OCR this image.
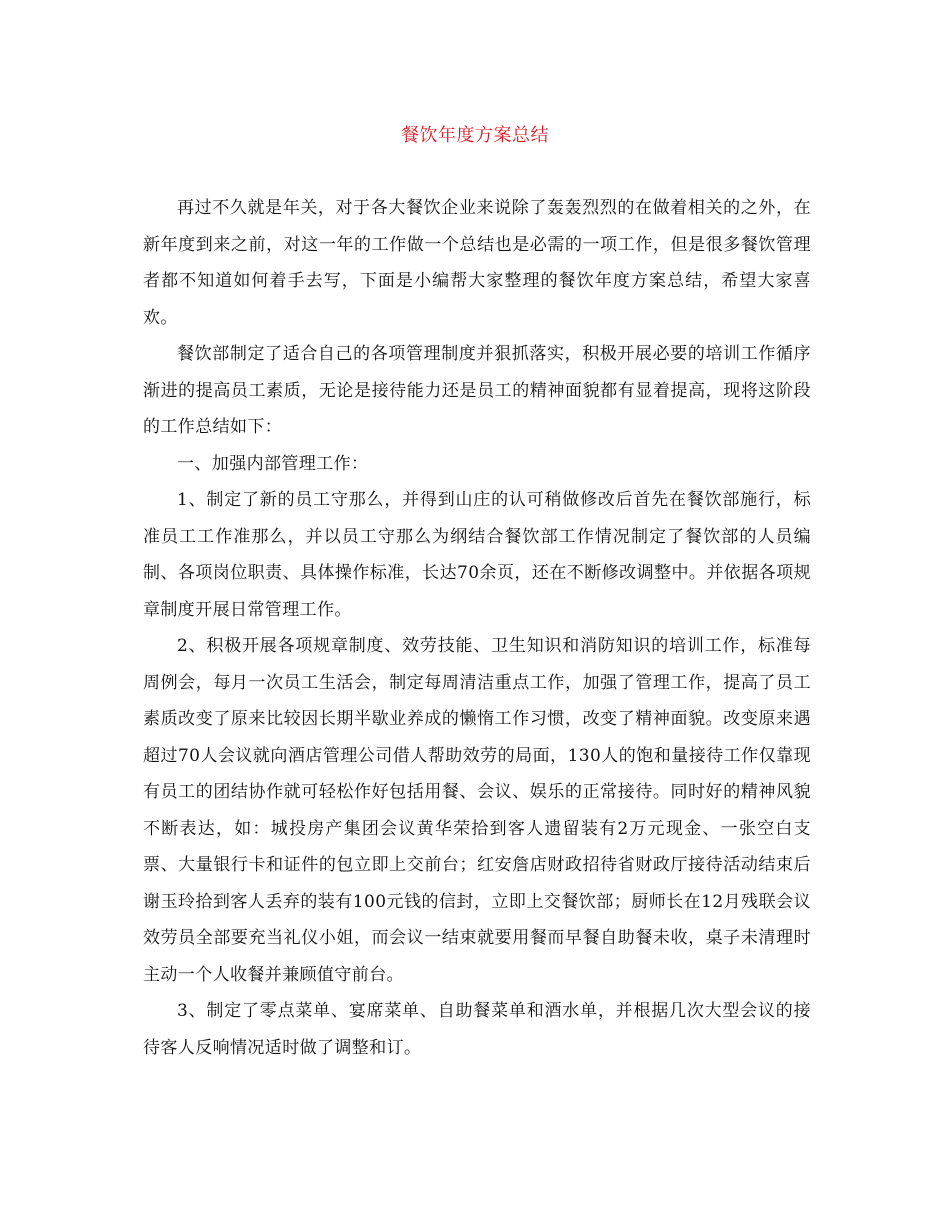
餐饮年度方案总结

再过不久就是年关，对于各大餐饮企业来说除了轰轰烈烈的在做着相关的之外，在新年度到来之前，对这一年的工作做一个总结也是必需的一项工作，但是很多餐饮管理者都不知道如何着手去写，下面是小编帮大家整理的餐饮年度方案总结，希望大家喜欢。

餐饮部制定了适合自己的各项管理制度并狠抓落实，积极开展必要的培训工作循序渐进的提高员工素质，无论是接待能力还是员工的精神面貌都有显着提高，现将这阶段的工作总结如下：

一、加强内部管理工作：

1、制定了新的员工守那么，并得到山庄的认可稍做修改后首先在餐饮部施行，标准员工工作准那么，并以员工守那么为纲结合餐饮部工作情况制定了餐饮部的人员编制、各项岗位职责、具体操作标准，长达70余页，还在不断修改调整中。并依据各项规章制度开展日常管理工作。

2、积极开展各项规章制度、效劳技能、卫生知识和消防知识的培训工作，标准每周例会，每月一次员工生活会，制定每周清洁重点工作，加强了管理工作，提高了员工素质改变了原来比较因长期半歇业养成的懒惰工作习惯，改变了精神面貌。改变原来遇超过70人会议就向酒店管理公司借人帮助效劳的局面，130人的饱和量接待工作仅靠现有员工的团结协作就可轻松作好包括用餐、会议、娱乐的正常接待。同时好的精神风貌不断表达，如：城投房产集团会议黄华荣拾到客人遗留装有2万元现金、一张空白支票、大量银行卡和证件的包立即上交前台；红安詹店财政招待省财政厅接待活动结束后谢玉玲拾到客人丢弃的装有100元钱的信封，立即上交餐饮部；厨师长在12月残联会议效劳员全部要充当礼仪小姐，而会议一结束就要用餐而早餐自助餐未收，桌子未清理时主动一个人收餐并兼顾值守前台。

3、制定了零点菜单、宴席菜单、自助餐菜单和酒水单，并根据几次大型会议的接待客人反响情况适时做了调整和订。
